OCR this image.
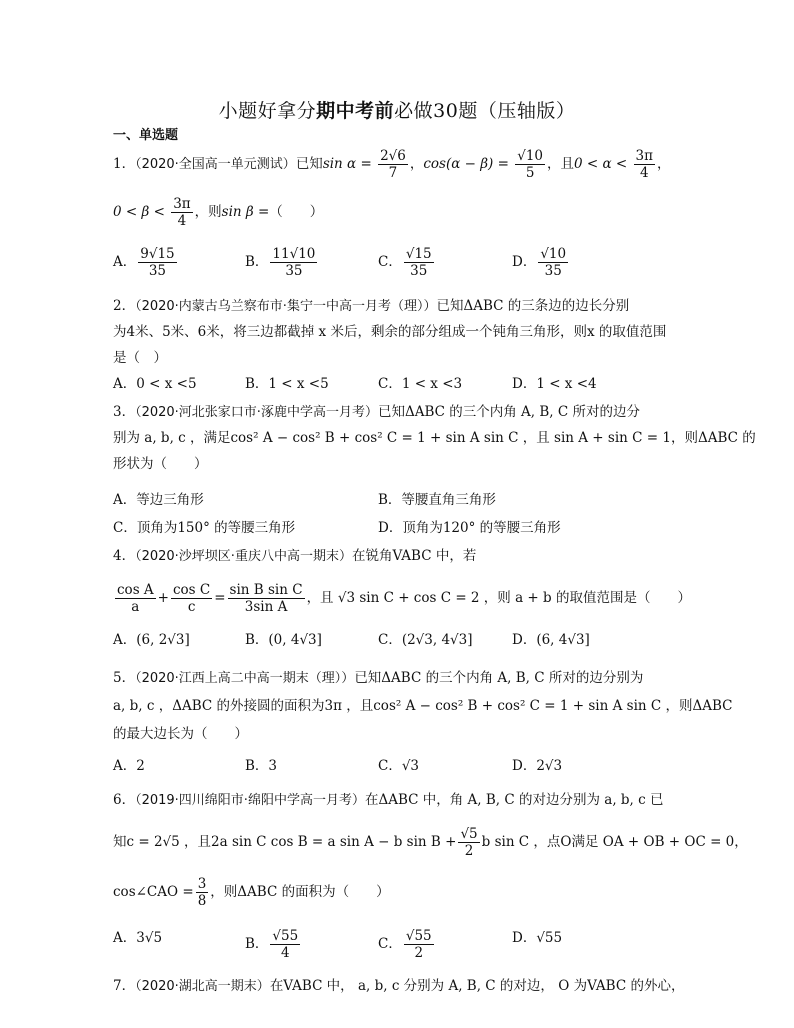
小题好拿分期中考前必做30题（压轴版）
一、单选题
1．（2020·全国高一单元测试）已知$\sin \alpha = \frac{2√6}{7}$ ，$\cos(\alpha - \beta) = \frac{√10}{5}$ ，且$0 < \alpha < \frac{3\pi}{4}$ ，
$0 < \beta < \frac{3\pi}{4}$ ，则sin β =（　　）
A． $\frac{9√15}{35}$	B． $\frac{11√10}{35}$	C． $\frac{√15}{35}$	D． $\frac{√10}{35}$
2．（2020·内蒙古乌兰察布市·集宁一中高一月考（理））已知ΔABC 的三条边的边长分别
为4米、5米、6米，将三边都截掉 x 米后，剩余的部分组成一个钝角三角形，则x 的取值范围
是（　）
A．0 < x <5	B．1 < x <5	C．1 < x <3	D．1 < x <4
3．（2020·河北张家口市·涿鹿中学高一月考）已知ΔABC 的三个内角 A, B, C 所对的边分
别为 a, b, c ，满足cos² A − cos² B + cos² C = 1 + sin A sin C ，且 sin A + sin C = 1，则ΔABC 的
形状为（　　）
A．等边三角形	B．等腰直角三角形
C．顶角为150° 的等腰三角形	D．顶角为120° 的等腰三角形
4．（2020·沙坪坝区·重庆八中高一期末）在锐角VABC 中，若
$\frac{\text{cos A}}{a} + \frac{\text{cos C}}{c} = \frac{\text{sin B sin C}}{\text{3sin A}}$ ，且 √3 sin C + cos C = 2 ，则 a + b 的取值范围是（　　）
A．(6, 2√3]	B．(0, 4√3]	C．(2√3, 4√3]	D．(6, 4√3]
5．（2020·江西上高二中高一期末（理））已知ΔABC 的三个内角 A, B, C 所对的边分别为
a, b, c ，ΔABC 的外接圆的面积为3π ，且cos² A − cos² B + cos² C = 1 + sin A sin C ，则ΔABC
的最大边长为（　　）
A．2	B．3	C．√3	D．2√3
6．（2019·四川绵阳市·绵阳中学高一月考）在ΔABC 中，角 A, B, C 的对边分别为 a, b, c 已
知c = 2√5 ，且2a sin C cos B = a sin A − b $\sin B + \frac{√5}{2}$ b sin C ，点O满足 OA + OB + OC = 0，
cos∠CAO = $\frac{3}{8}$ ，则ΔABC 的面积为（　　）
A．3√5	B． $\frac{√55}{4}$	C． $\frac{√55}{2}$	D．√55
7．（2020·湖北高一期末）在VABC 中， a, b, c 分别为 A, B, C 的对边， O 为VABC 的外心，
